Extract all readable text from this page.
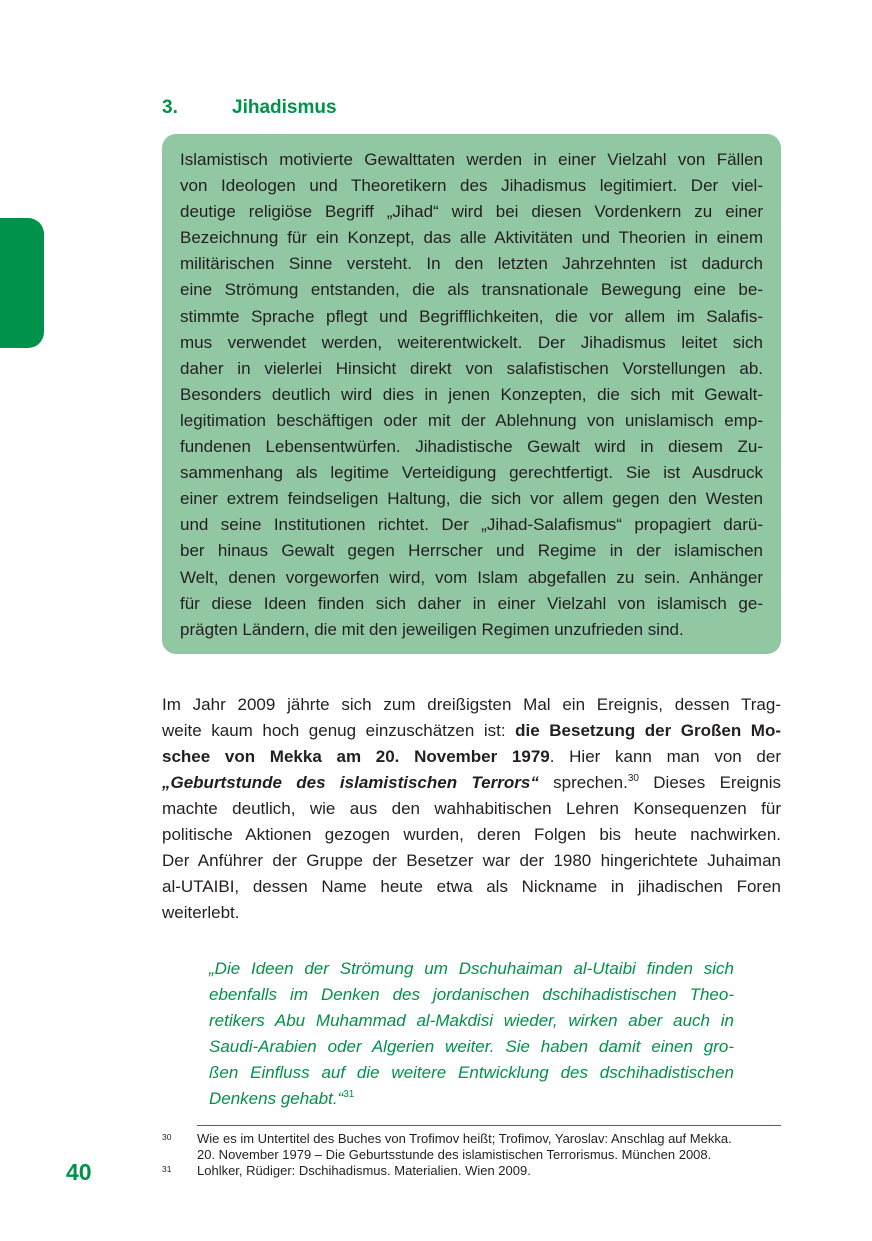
3.	Jihadismus
Islamistisch motivierte Gewalttaten werden in einer Vielzahl von Fällen
von Ideologen und Theoretikern des Jihadismus legitimiert. Der viel-
deutige religiöse Begriff „Jihad“ wird bei diesen Vordenkern zu einer
Bezeichnung für ein Konzept, das alle Aktivitäten und Theorien in einem
militärischen Sinne versteht. In den letzten Jahrzehnten ist dadurch
eine Strömung entstanden, die als transnationale Bewegung eine be-
stimmte Sprache pflegt und Begrifflichkeiten, die vor allem im Salafis-
mus verwendet werden, weiterentwickelt. Der Jihadismus leitet sich
daher in vielerlei Hinsicht direkt von salafistischen Vorstellungen ab.
Besonders deutlich wird dies in jenen Konzepten, die sich mit Gewalt-
legitimation beschäftigen oder mit der Ablehnung von unislamisch emp-
fundenen Lebensentwürfen. Jihadistische Gewalt wird in diesem Zu-
sammenhang als legitime Verteidigung gerechtfertigt. Sie ist Ausdruck
einer extrem feindseligen Haltung, die sich vor allem gegen den Westen
und seine Institutionen richtet. Der „Jihad-Salafismus“ propagiert darü-
ber hinaus Gewalt gegen Herrscher und Regime in der islamischen
Welt, denen vorgeworfen wird, vom Islam abgefallen zu sein. Anhänger
für diese Ideen finden sich daher in einer Vielzahl von islamisch ge-
prägten Ländern, die mit den jeweiligen Regimen unzufrieden sind.
Im Jahr 2009 jährte sich zum dreißigsten Mal ein Ereignis, dessen Trag-
weite kaum hoch genug einzuschätzen ist: die Besetzung der Großen Mo-
schee von Mekka am 20. November 1979. Hier kann man von der
„Geburtstunde des islamistischen Terrors“ sprechen.$^{30}$ Dieses Ereignis
machte deutlich, wie aus den wahhabitischen Lehren Konsequenzen für
politische Aktionen gezogen wurden, deren Folgen bis heute nachwirken.
Der Anführer der Gruppe der Besetzer war der 1980 hingerichtete Juhaiman
al-UTAIBI, dessen Name heute etwa als Nickname in jihadischen Foren
weiterlebt.
„Die Ideen der Strömung um Dschuhaiman al-Utaibi finden sich
ebenfalls im Denken des jordanischen dschihadistischen Theo-
retikers Abu Muhammad al-Makdisi wieder, wirken aber auch in
Saudi-Arabien oder Algerien weiter. Sie haben damit einen gro-
ßen Einfluss auf die weitere Entwicklung des dschihadistischen
Denkens gehabt.“$^{31}$
30 Wie es im Untertitel des Buches von Trofimov heißt; Trofimov, Yaroslav: Anschlag auf Mekka.
20. November 1979 – Die Geburtsstunde des islamistischen Terrorismus. München 2008.
31 Lohlker, Rüdiger: Dschihadismus. Materialien. Wien 2009.
40
